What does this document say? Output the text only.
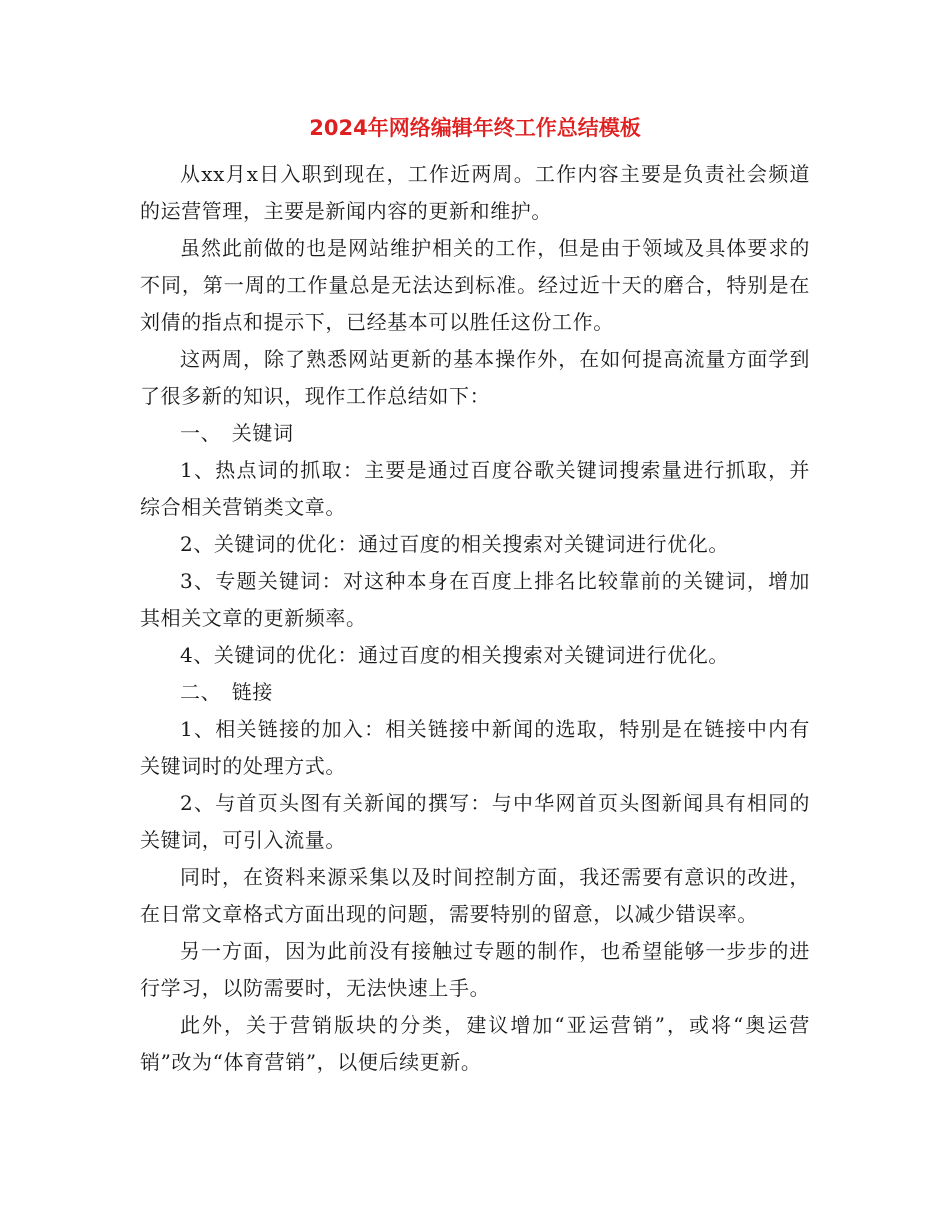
2024年网络编辑年终工作总结模板

从xx月x日入职到现在，工作近两周。工作内容主要是负责社会频道的运营管理，主要是新闻内容的更新和维护。

虽然此前做的也是网站维护相关的工作，但是由于领域及具体要求的不同，第一周的工作量总是无法达到标准。经过近十天的磨合，特别是在刘倩的指点和提示下，已经基本可以胜任这份工作。

这两周，除了熟悉网站更新的基本操作外，在如何提高流量方面学到了很多新的知识，现作工作总结如下：

一、　关键词

1、热点词的抓取：主要是通过百度谷歌关键词搜索量进行抓取，并综合相关营销类文章。

2、关键词的优化：通过百度的相关搜索对关键词进行优化。

3、专题关键词：对这种本身在百度上排名比较靠前的关键词，增加其相关文章的更新频率。

4、关键词的优化：通过百度的相关搜索对关键词进行优化。

二、　链接

1、相关链接的加入：相关链接中新闻的选取，特别是在链接中内有关键词时的处理方式。

2、与首页头图有关新闻的撰写：与中华网首页头图新闻具有相同的关键词，可引入流量。

同时，在资料来源采集以及时间控制方面，我还需要有意识的改进，在日常文章格式方面出现的问题，需要特别的留意，以减少错误率。

另一方面，因为此前没有接触过专题的制作，也希望能够一步步的进行学习，以防需要时，无法快速上手。

此外，关于营销版块的分类，建议增加“亚运营销”，或将“奥运营销”改为“体育营销”，以便后续更新。
